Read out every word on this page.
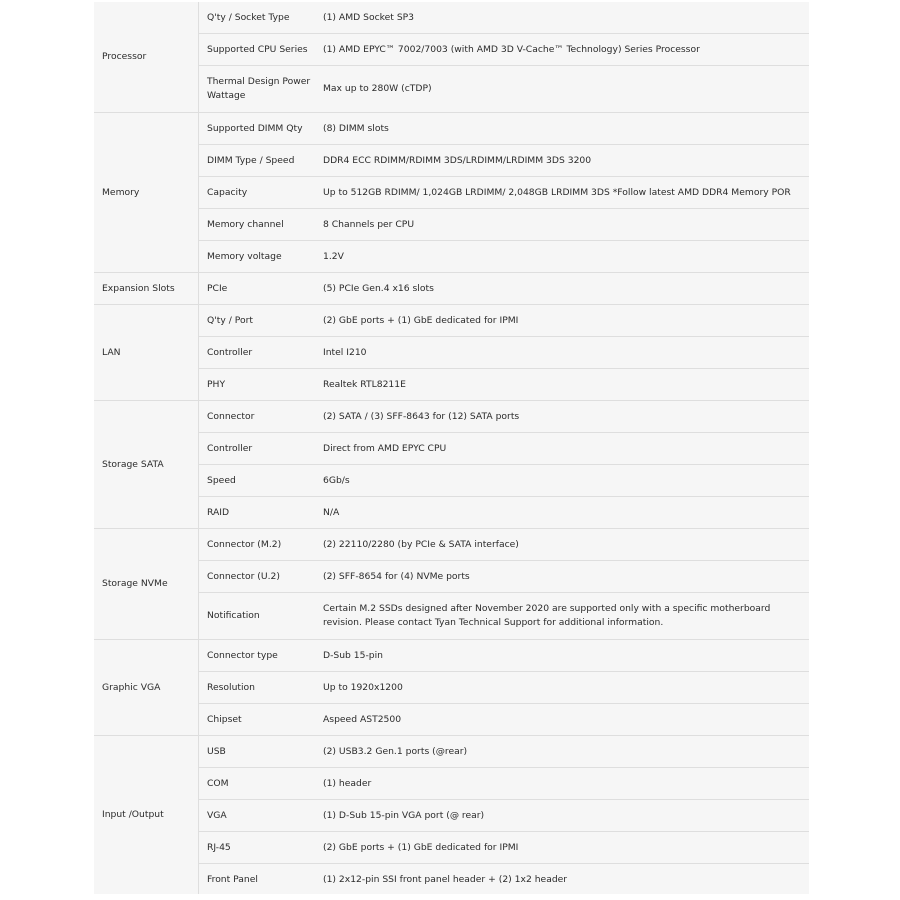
Processor	Q'ty / Socket Type	(1) AMD Socket SP3
	Supported CPU Series	(1) AMD EPYC™ 7002/7003 (with AMD 3D V-Cache™ Technology) Series Processor
	Thermal Design Power Wattage	Max up to 280W (cTDP)
Memory	Supported DIMM Qty	(8) DIMM slots
	DIMM Type / Speed	DDR4 ECC RDIMM/RDIMM 3DS/LRDIMM/LRDIMM 3DS 3200
	Capacity	Up to 512GB RDIMM/ 1,024GB LRDIMM/ 2,048GB LRDIMM 3DS *Follow latest AMD DDR4 Memory POR
	Memory channel	8 Channels per CPU
	Memory voltage	1.2V
Expansion Slots	PCIe	(5) PCIe Gen.4 x16 slots
LAN	Q'ty / Port	(2) GbE ports + (1) GbE dedicated for IPMI
	Controller	Intel I210
	PHY	Realtek RTL8211E
Storage SATA	Connector	(2) SATA / (3) SFF-8643 for (12) SATA ports
	Controller	Direct from AMD EPYC CPU
	Speed	6Gb/s
	RAID	N/A
Storage NVMe	Connector (M.2)	(2) 22110/2280 (by PCIe & SATA interface)
	Connector (U.2)	(2) SFF-8654 for (4) NVMe ports
	Notification	Certain M.2 SSDs designed after November 2020 are supported only with a specific motherboard revision. Please contact Tyan Technical Support for additional information.
Graphic VGA	Connector type	D-Sub 15-pin
	Resolution	Up to 1920x1200
	Chipset	Aspeed AST2500
Input /Output	USB	(2) USB3.2 Gen.1 ports (@rear)
	COM	(1) header
	VGA	(1) D-Sub 15-pin VGA port (@ rear)
	RJ-45	(2) GbE ports + (1) GbE dedicated for IPMI
	Front Panel	(1) 2x12-pin SSI front panel header + (2) 1x2 header
